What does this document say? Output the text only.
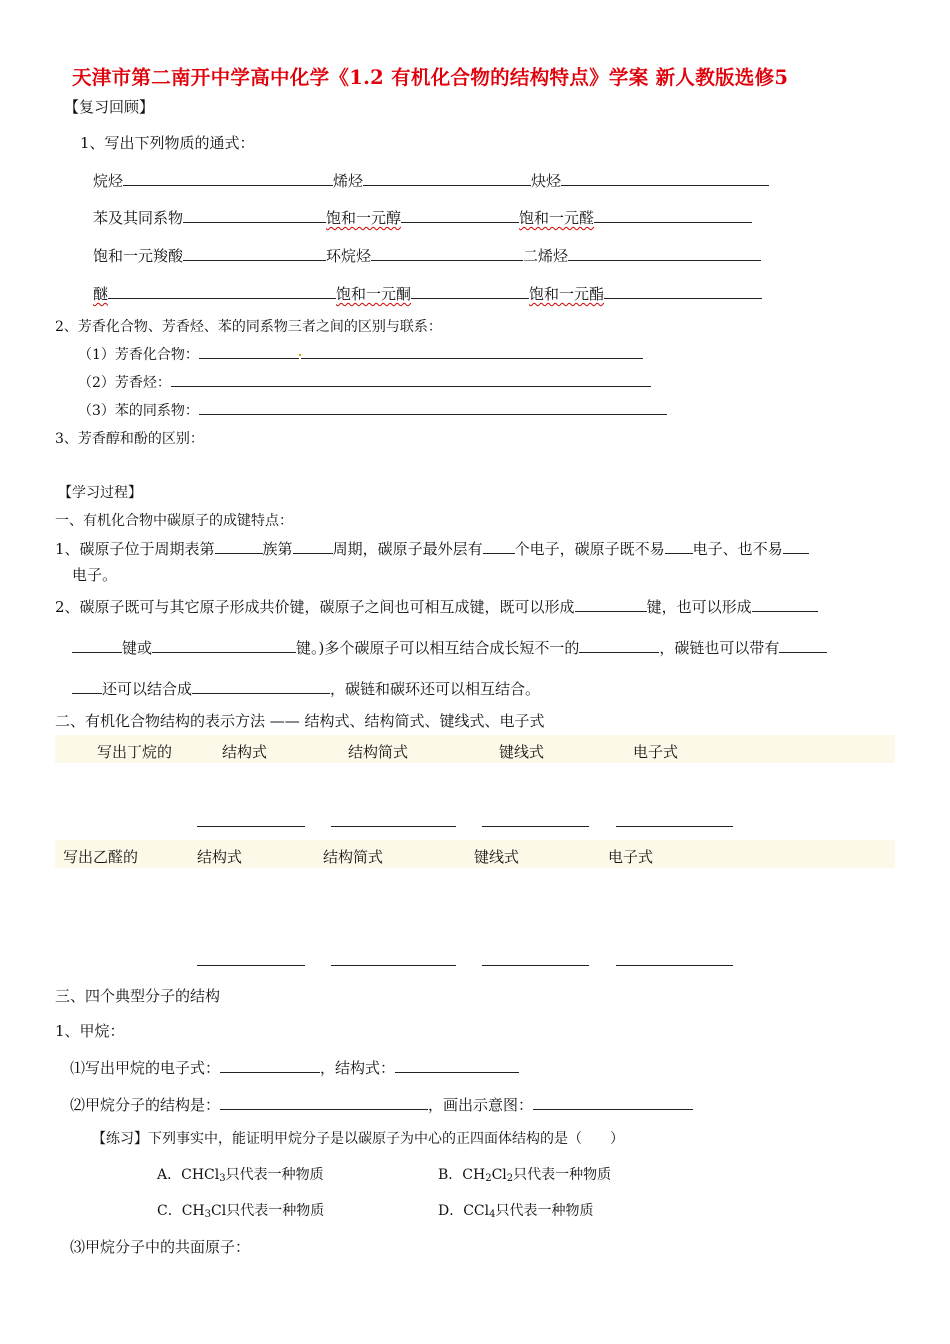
天津市第二南开中学高中化学《1.2 有机化合物的结构特点》学案 新人教版选修5
【复习回顾】
1、写出下列物质的通式：
烷烃	烯烃	炔烃
苯及其同系物	饱和一元醇	饱和一元醛
饱和一元羧酸	环烷烃	二烯烃
醚	饱和一元酮	饱和一元酯
2、芳香化合物、芳香烃、苯的同系物三者之间的区别与联系：
（1）芳香化合物：
（2）芳香烃：
（3）苯的同系物：
3、芳香醇和酚的区别：
【学习过程】
一、有机化合物中碳原子的成键特点：
1、碳原子位于周期表第	族第	周期，碳原子最外层有 个电子，碳原子既不易 电子、也不易
电子。
2、碳原子既可与其它原子形成共价键，碳原子之间也可相互成键，既可以形成	键，也可以形成
键或	键。)多个碳原子可以相互结合成长短不一的	，碳链也可以带有
还可以结合成	，碳链和碳环还可以相互结合。
二、有机化合物结构的表示方法 —— 结构式、结构简式、键线式、电子式
写出丁烷的	结构式	结构简式	键线式	电子式
写出乙醛的	结构式	结构简式	键线式	电子式
三、四个典型分子的结构
1、甲烷：
⑴写出甲烷的电子式：	，结构式：
⑵甲烷分子的结构是：	，画出示意图：
【练习】下列事实中，能证明甲烷分子是以碳原子为中心的正四面体结构的是（　　）
A．CHCl$_3$只代表一种物质	B．$CH_2Cl_2$只代表一种物质
C．$CH_3Cl$只代表一种物质	D．CCl$_4$只代表一种物质
⑶甲烷分子中的共面原子：
